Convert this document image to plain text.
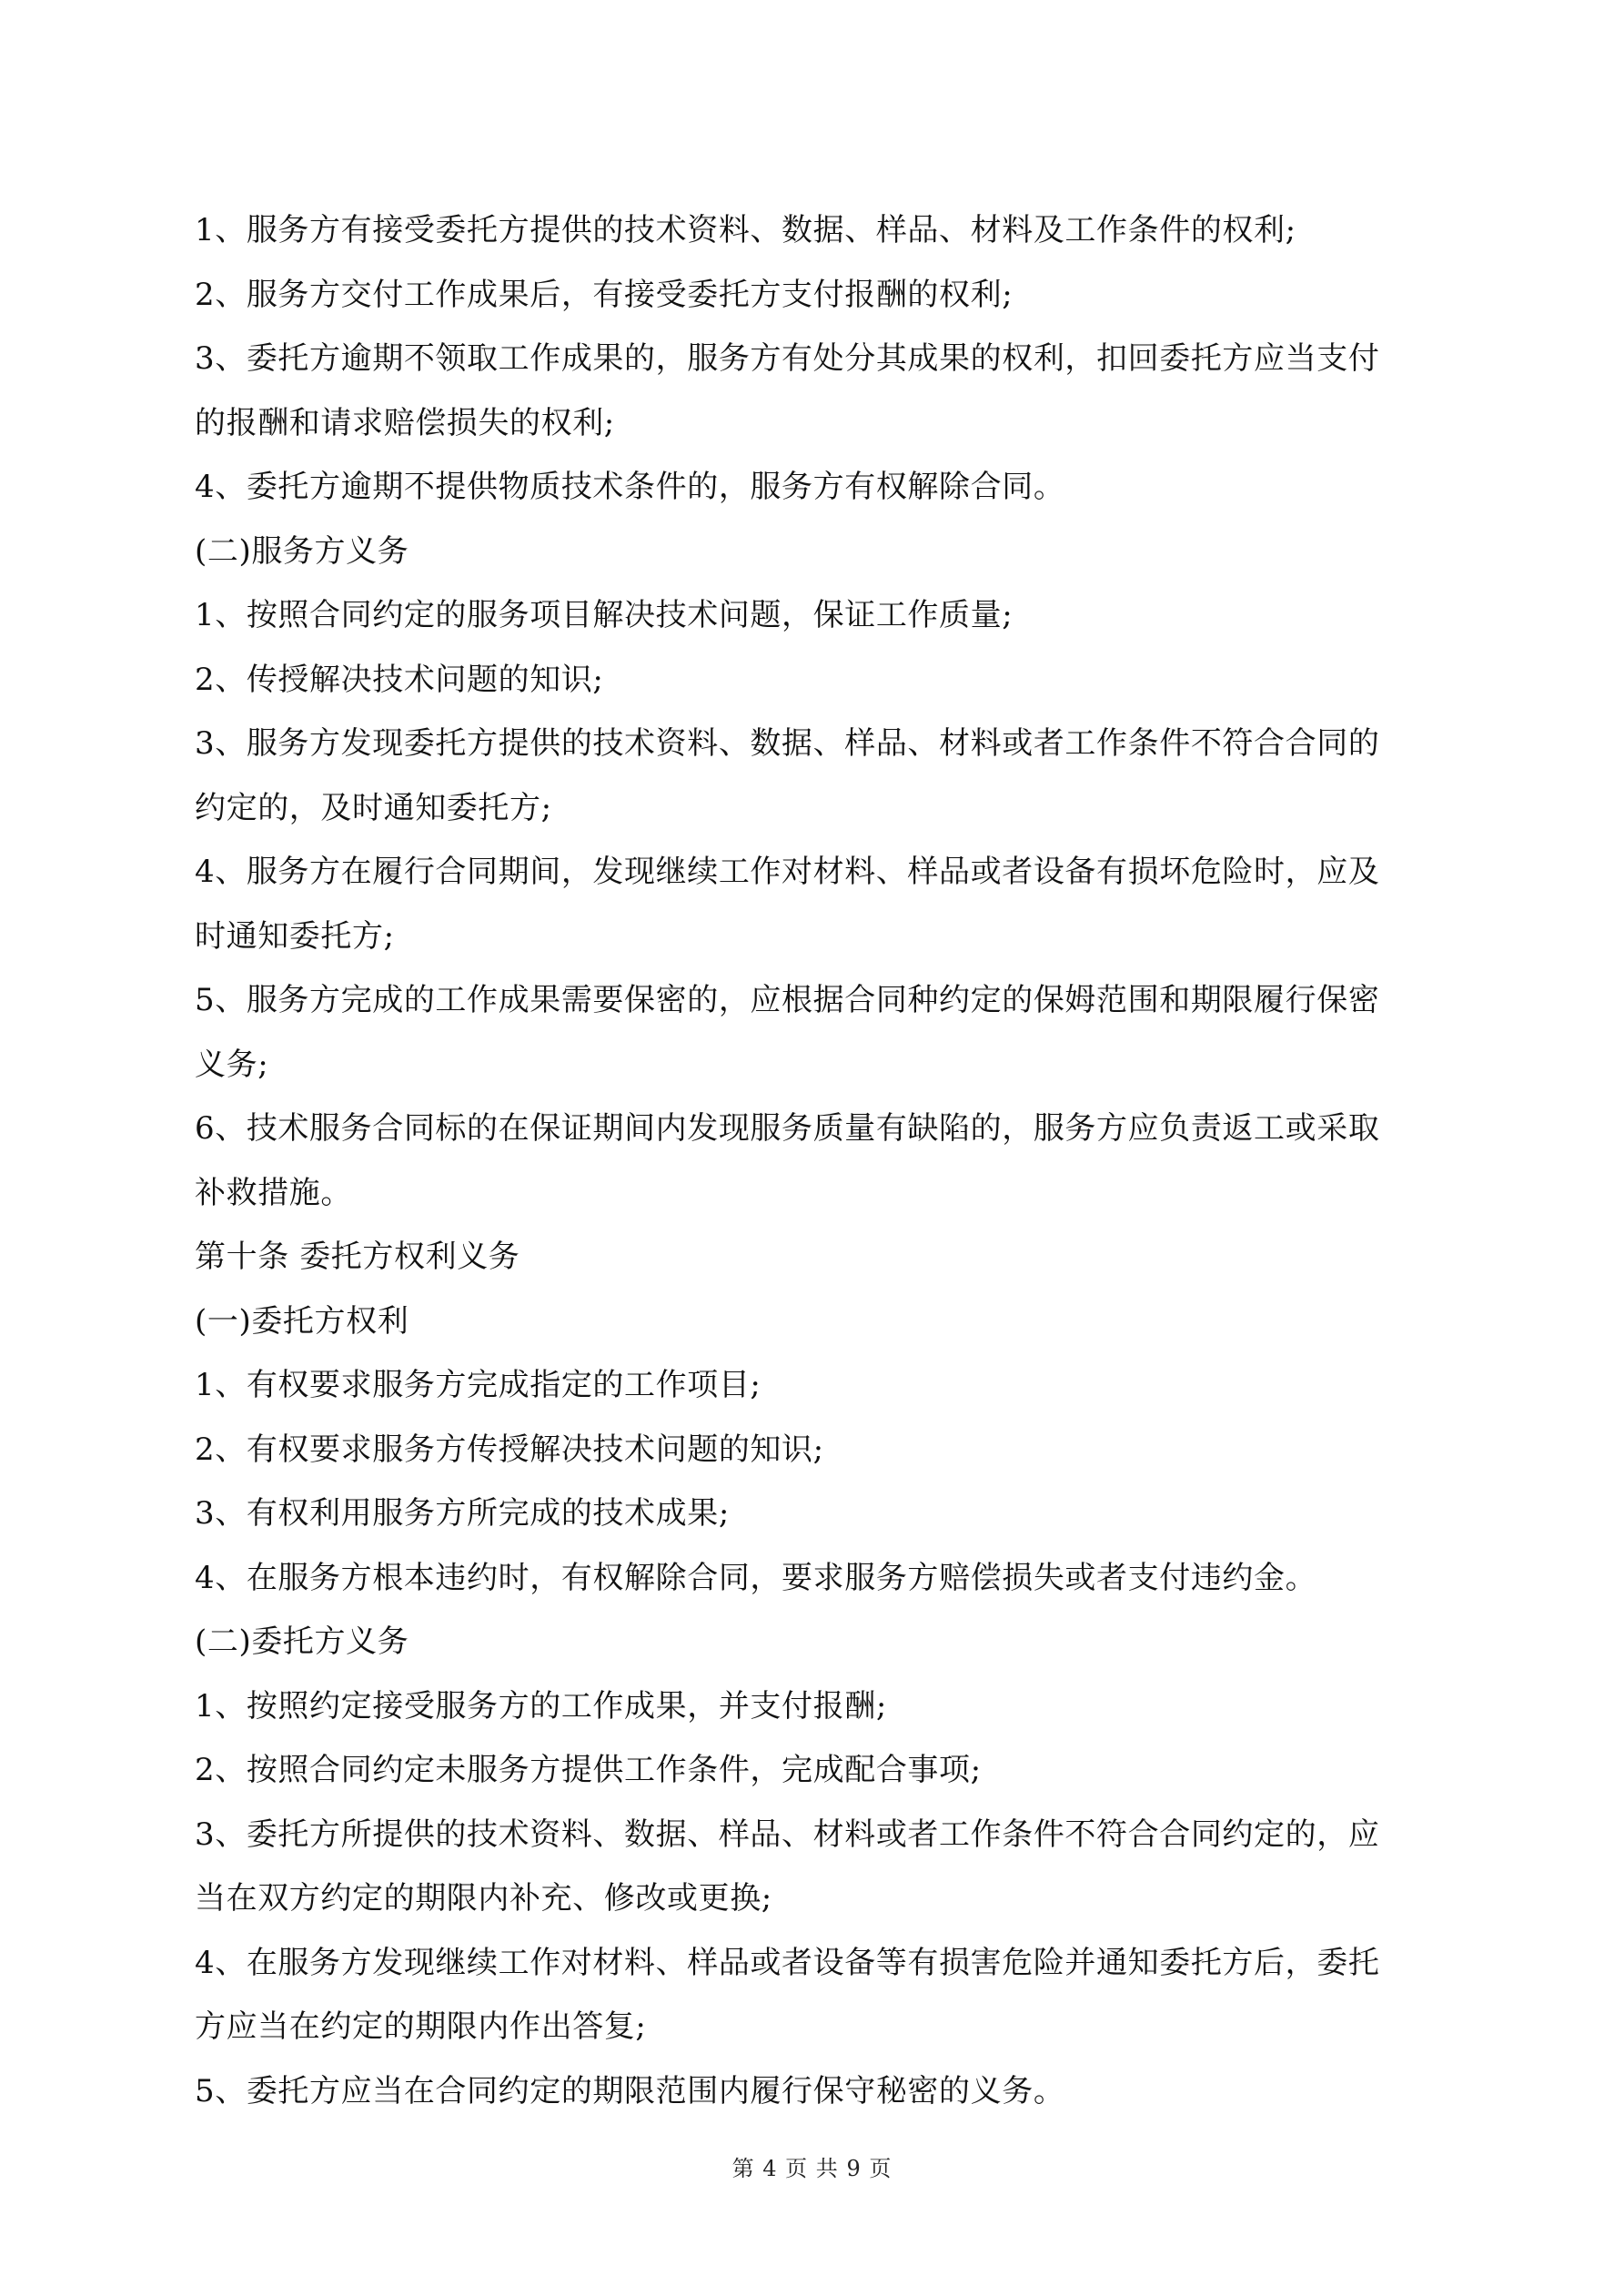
1、服务方有接受委托方提供的技术资料、数据、样品、材料及工作条件的权利;
2、服务方交付工作成果后，有接受委托方支付报酬的权利;
3、委托方逾期不领取工作成果的，服务方有处分其成果的权利，扣回委托方应当支付
的报酬和请求赔偿损失的权利;
4、委托方逾期不提供物质技术条件的，服务方有权解除合同。
(二)服务方义务
1、按照合同约定的服务项目解决技术问题，保证工作质量;
2、传授解决技术问题的知识;
3、服务方发现委托方提供的技术资料、数据、样品、材料或者工作条件不符合合同的
约定的，及时通知委托方;
4、服务方在履行合同期间，发现继续工作对材料、样品或者设备有损坏危险时，应及
时通知委托方;
5、服务方完成的工作成果需要保密的，应根据合同种约定的保姆范围和期限履行保密
义务;
6、技术服务合同标的在保证期间内发现服务质量有缺陷的，服务方应负责返工或采取
补救措施。
第十条 委托方权利义务
(一)委托方权利
1、有权要求服务方完成指定的工作项目;
2、有权要求服务方传授解决技术问题的知识;
3、有权利用服务方所完成的技术成果;
4、在服务方根本违约时，有权解除合同，要求服务方赔偿损失或者支付违约金。
(二)委托方义务
1、按照约定接受服务方的工作成果，并支付报酬;
2、按照合同约定未服务方提供工作条件，完成配合事项;
3、委托方所提供的技术资料、数据、样品、材料或者工作条件不符合合同约定的，应
当在双方约定的期限内补充、修改或更换;
4、在服务方发现继续工作对材料、样品或者设备等有损害危险并通知委托方后，委托
方应当在约定的期限内作出答复;
5、委托方应当在合同约定的期限范围内履行保守秘密的义务。
第 4 页 共 9 页
